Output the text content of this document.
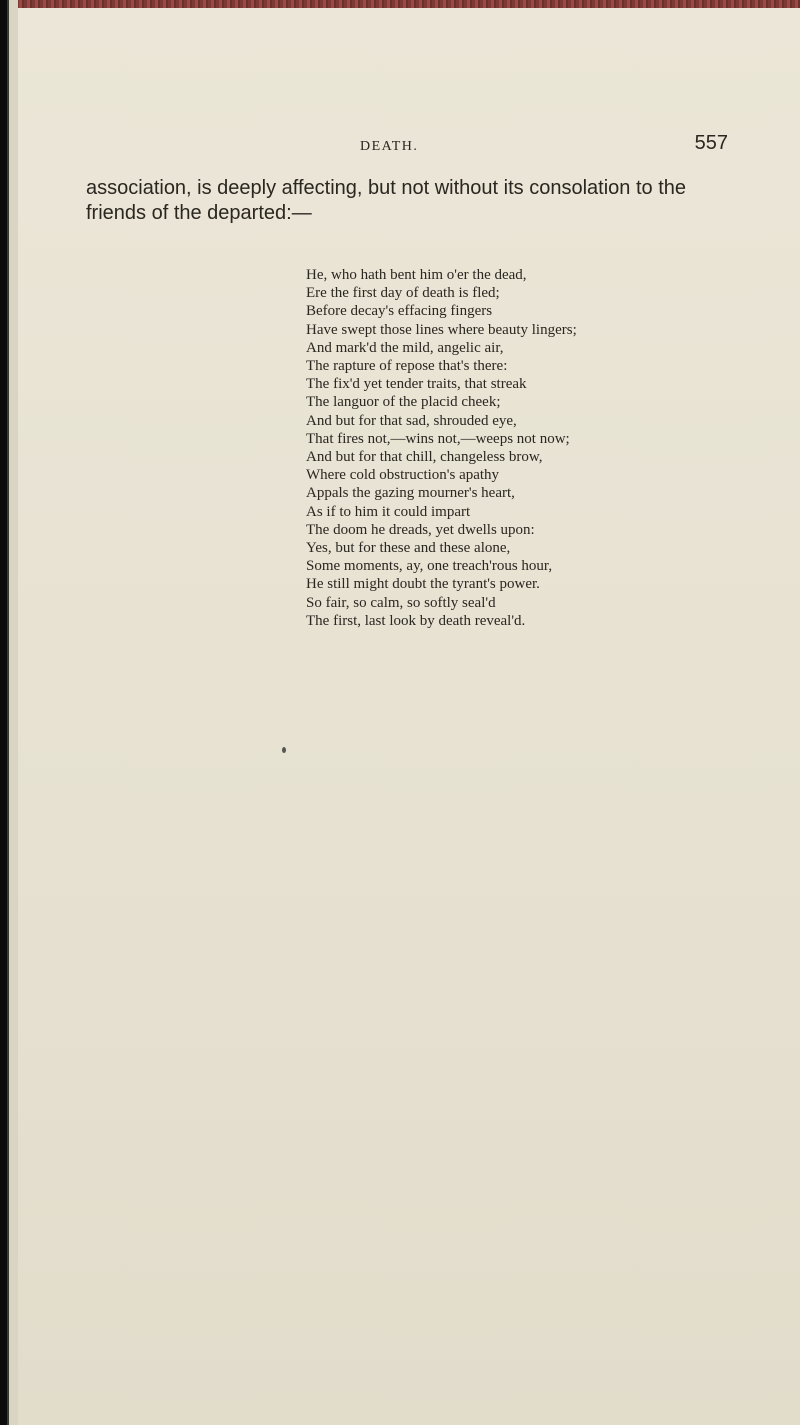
DEATH.	557

association, is deeply affecting, but not without its consolation to the

friends of the departed:—

He, who hath bent him o'er the dead,
Ere the first day of death is fled;
Before decay's effacing fingers
Have swept those lines where beauty lingers;
And mark'd the mild, angelic air,
The rapture of repose that's there:
The fix'd yet tender traits, that streak
The languor of the placid cheek;
And but for that sad, shrouded eye,
That fires not,—wins not,—weeps not now;
And but for that chill, changeless brow,
Where cold obstruction's apathy
Appals the gazing mourner's heart,
As if to him it could impart
The doom he dreads, yet dwells upon:
Yes, but for these and these alone,
Some moments, ay, one treach'rous hour,
He still might doubt the tyrant's power.
So fair, so calm, so softly seal'd
The first, last look by death reveal'd.
